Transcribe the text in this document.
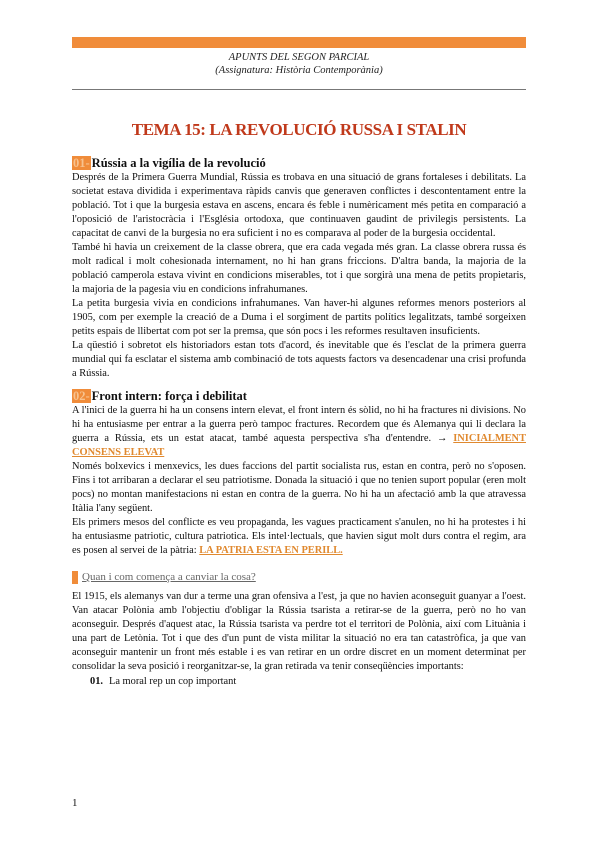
APUNTS DEL SEGON PARCIAL
(Assignatura: Història Contemporània)
TEMA 15: LA REVOLUCIÓ RUSSA I STALIN
01- Rússia a la vigília de la revolució

Després de la Primera Guerra Mundial, Rússia es trobava en una situació de grans fortaleses i debilitats. La societat estava dividida i experimentava ràpids canvis que generaven conflictes i descontentament entre la població. Tot i que la burgesia estava en ascens, encara és feble i numèricament més petita en comparació a l'oposició de l'aristocràcia i l'Església ortodoxa, que continuaven gaudint de privilegis persistents. La capacitat de canvi de la burgesia no era suficient i no es comparava al poder de la burgesia occidental.

També hi havia un creixement de la classe obrera, que era cada vegada més gran. La classe obrera russa és molt radical i molt cohesionada internament, no hi han grans friccions. D'altra banda, la majoria de la població camperola estava vivint en condicions miserables, tot i que sorgirà una mena de petits propietaris, la majoria de la pagesia viu en condicions infrahumanes.

La petita burgesia vivia en condicions infrahumanes. Van haver-hi algunes reformes menors posteriors al 1905, com per exemple la creació de a Duma i el sorgiment de partits polítics legalitzats, també sorgeixen petits espais de llibertat com pot ser la premsa, que són pocs i les reformes resultaven insuficients.

La qüestió i sobretot els historiadors estan tots d'acord, és inevitable que és l'esclat de la primera guerra mundial qui fa esclatar el sistema amb combinació de tots aquests factors va desencadenar una crisi profunda a Rússia.

02- Front intern: força i debilitat

A l'inici de la guerra hi ha un consens intern elevat, el front intern és sòlid, no hi ha fractures ni divisions. No hi ha entusiasme per entrar a la guerra però tampoc fractures. Recordem que és Alemanya qui li declara la guerra a Rússia, ets un estat atacat, també aquesta perspectiva s'ha d'entendre. → INICIALMENT CONSENS ELEVAT

Només bolxevics i menxevics, les dues faccions del partit socialista rus, estan en contra, però no s'oposen. Fins i tot arribaran a declarar el seu patriotisme. Donada la situació i que no tenien suport popular (eren molt pocs) no montan manifestacions ni estan en contra de la guerra. No hi ha un afectació amb la que atravessa Itàlia l'any següent.

Els primers mesos del conflicte es veu propaganda, les vagues practicament s'anulen, no hi ha protestes i hi ha entusiasme patriotic, cultura patriotica. Els intel·lectuals, que havien sigut molt durs contra el regim, ara es posen al servei de la pàtria: LA PATRIA ESTA EN PERILL.

Quan i com comença a canviar la cosa?

El 1915, els alemanys van dur a terme una gran ofensiva a l'est, ja que no havien aconseguit guanyar a l'oest. Van atacar Polònia amb l'objectiu d'obligar la Rússia tsarista a retirar-se de la guerra, però no ho van aconseguir. Després d'aquest atac, la Rússia tsarista va perdre tot el territori de Polònia, així com Lituània i una part de Letònia. Tot i que des d'un punt de vista militar la situació no era tan catastròfica, ja que van aconseguir mantenir un front més estable i es van retirar en un ordre discret en un moment determinat per consolidar la seva posició i reorganitzar-se, la gran retirada va tenir conseqüències importants:

01. La moral rep un cop important
1
